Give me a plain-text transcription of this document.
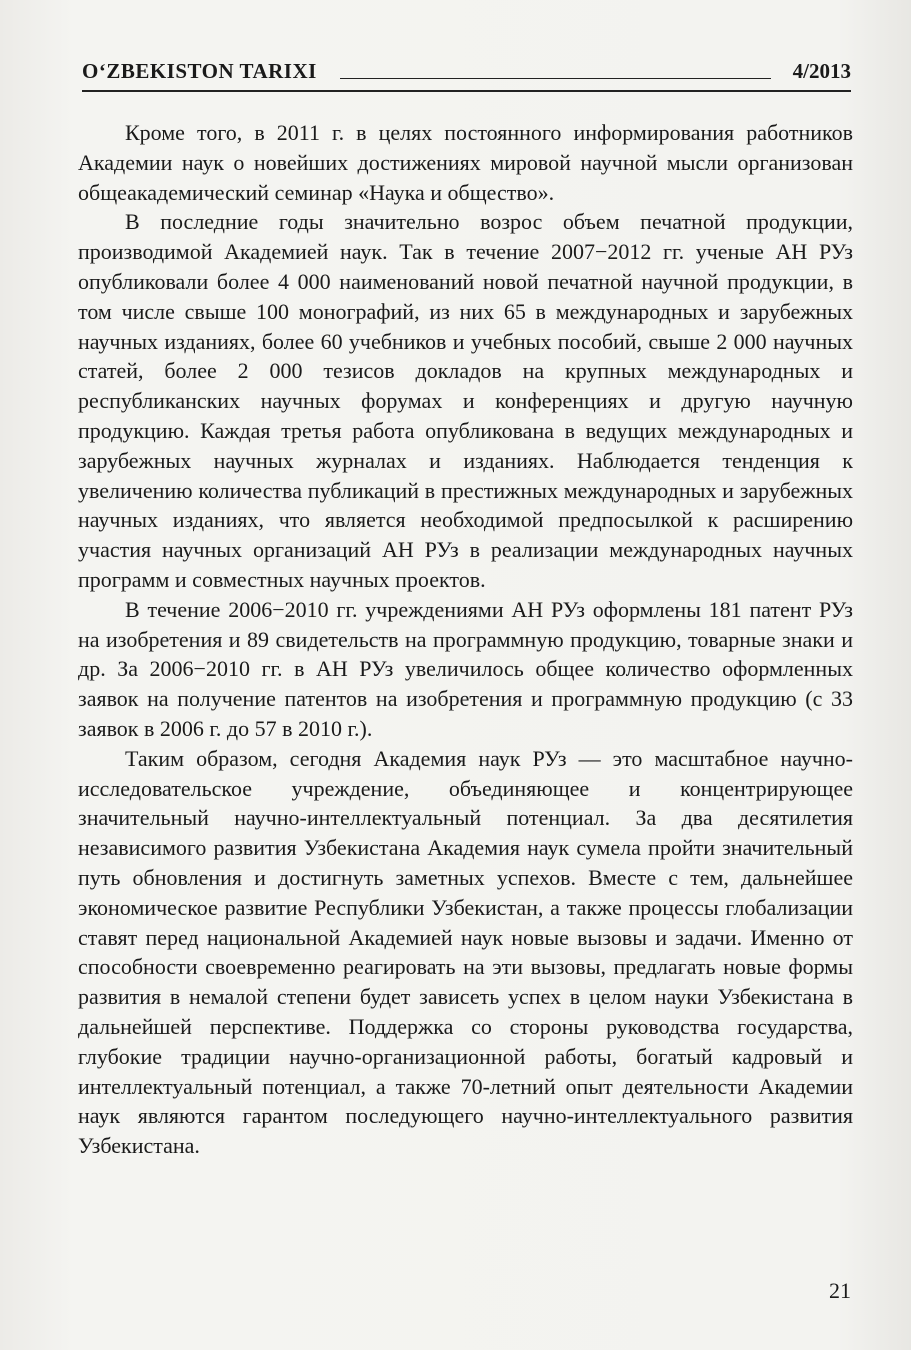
O‘ZBEKISTON TARIXI	4/2013

Кроме того, в 2011 г. в целях постоянного информирования работников Академии наук о новейших достижениях мировой научной мысли организован общеакадемический семинар «Наука и общество».

В последние годы значительно возрос объем печатной продукции, производимой Академией наук. Так в течение 2007−2012 гг. ученые АН РУз опубликовали более 4 000 наименований новой печатной научной продукции, в том числе свыше 100 монографий, из них 65 в международных и зарубежных научных изданиях, более 60 учебников и учебных пособий, свыше 2 000 научных статей, более 2 000 тезисов докладов на крупных международных и республиканских научных форумах и конференциях и другую научную продукцию. Каждая третья работа опубликована в ведущих международных и зарубежных научных журналах и изданиях. Наблюдается тенденция к увеличению количества публикаций в престижных международных и зарубежных научных изданиях, что является необходимой предпосылкой к расширению участия научных организаций АН РУз в реализации международных научных программ и совместных научных проектов.

В течение 2006−2010 гг. учреждениями АН РУз оформлены 181 патент РУз на изобретения и 89 свидетельств на программную продукцию, товарные знаки и др. За 2006−2010 гг. в АН РУз увеличилось общее количество оформленных заявок на получение патентов на изобретения и программную продукцию (с 33 заявок в 2006 г. до 57 в 2010 г.).

Таким образом, сегодня Академия наук РУз — это масштабное научно-исследовательское учреждение, объединяющее и концентрирующее значительный научно-интеллектуальный потенциал. За два десятилетия независимого развития Узбекистана Академия наук сумела пройти значительный путь обновления и достигнуть заметных успехов. Вместе с тем, дальнейшее экономическое развитие Республики Узбекистан, а также процессы глобализации ставят перед национальной Академией наук новые вызовы и задачи. Именно от способности своевременно реагировать на эти вызовы, предлагать новые формы развития в немалой степени будет зависеть успех в целом науки Узбекистана в дальнейшей перспективе. Поддержка со стороны руководства государства, глубокие традиции научно-организационной работы, богатый кадровый и интеллектуальный потенциал, а также 70-летний опыт деятельности Академии наук являются гарантом последующего научно-интеллектуального развития Узбекистана.

21
